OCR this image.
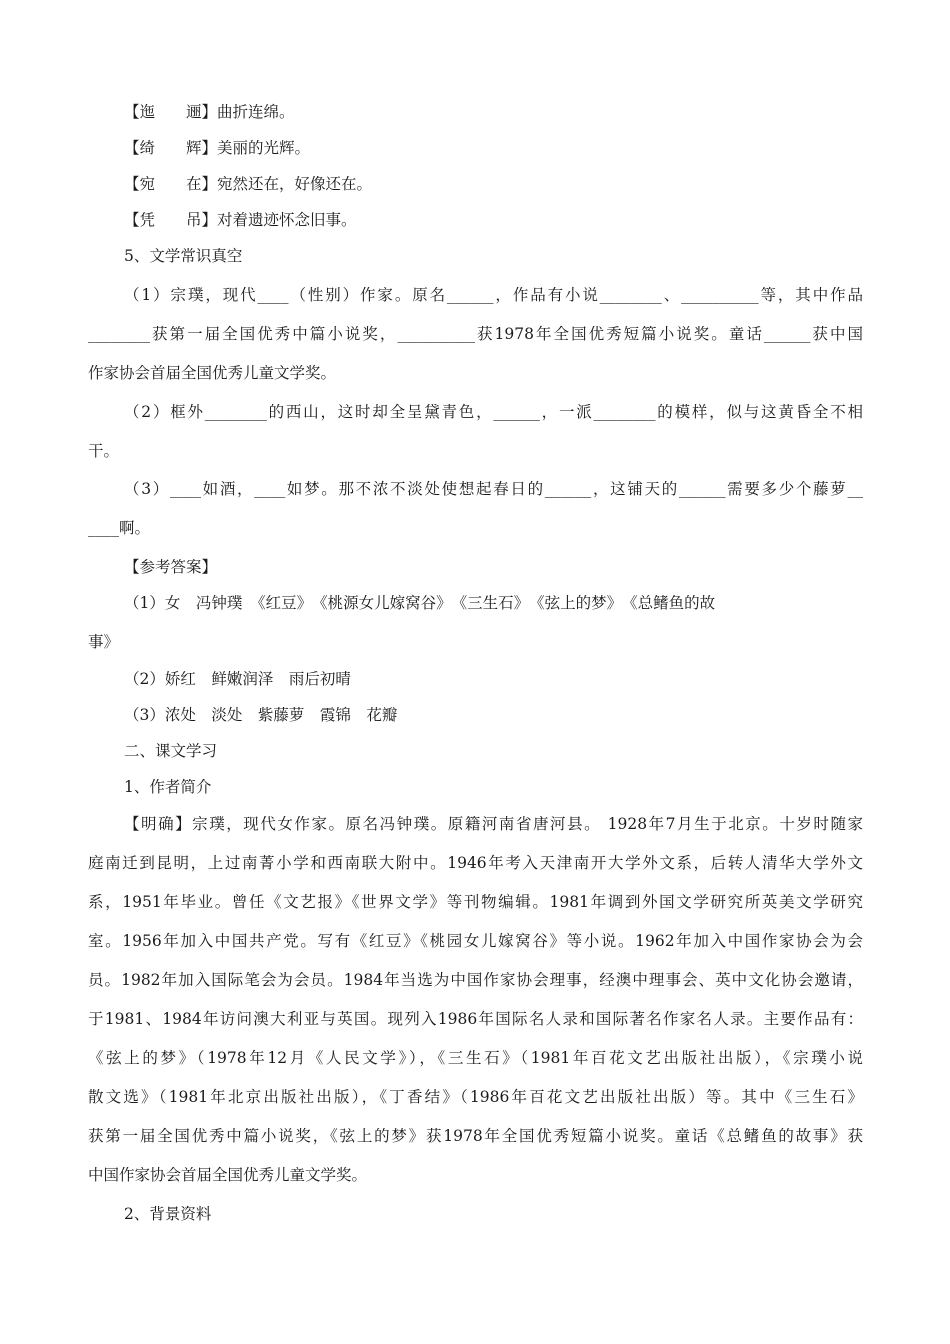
【迤　　逦】曲折连绵。
【绮　　辉】美丽的光辉。
【宛　　在】宛然还在，好像还在。
【凭　　吊】对着遗迹怀念旧事。
5、文学常识真空
（1）宗璞，现代____（性别）作家。原名______，作品有小说________、__________等，其中作品
________获第一届全国优秀中篇小说奖，__________获1978年全国优秀短篇小说奖。童话______获中国
作家协会首届全国优秀儿童文学奖。
（2）框外________的西山，这时却全呈黛青色，______，一派________的模样，似与这黄昏全不相
干。
（3）____如酒，____如梦。那不浓不淡处使想起春日的______，这铺天的______需要多少个藤萝__
____啊。
【参考答案】
（1）女　冯钟璞　《红豆》　《桃源女儿嫁窝谷》　《三生石》　《弦上的梦》　《总鳍鱼的故
事》
（2）娇红　鲜嫩润泽　雨后初晴
（3）浓处　淡处　紫藤萝　霞锦　花瓣
二、课文学习
1、作者简介
【明确】宗璞，现代女作家。原名冯钟璞。原籍河南省唐河县。 1928年7月生于北京。十岁时随家
庭南迁到昆明，上过南菁小学和西南联大附中。1946年考入天津南开大学外文系，后转人清华大学外文
系，1951年毕业。曾任《文艺报》《世界文学》等刊物编辑。1981年调到外国文学研究所英美文学研究
室。1956年加入中国共产党。写有《红豆》《桃园女儿嫁窝谷》等小说。1962年加入中国作家协会为会
员。1982年加入国际笔会为会员。1984年当选为中国作家协会理事，经澳中理事会、英中文化协会邀请，
于1981、1984年访问澳大利亚与英国。现列入1986年国际名人录和国际著名作家名人录。主要作品有：
《弦上的梦》（1978年12月《人民文学》），《三生石》（1981年百花文艺出版社出版），《宗璞小说
散文选》（1981年北京出版社出版），《丁香结》（1986年百花文艺出版社出版）等。其中《三生石》
获第一届全国优秀中篇小说奖，《弦上的梦》获1978年全国优秀短篇小说奖。童话《总鳍鱼的故事》获
中国作家协会首届全国优秀儿童文学奖。
2、背景资料
